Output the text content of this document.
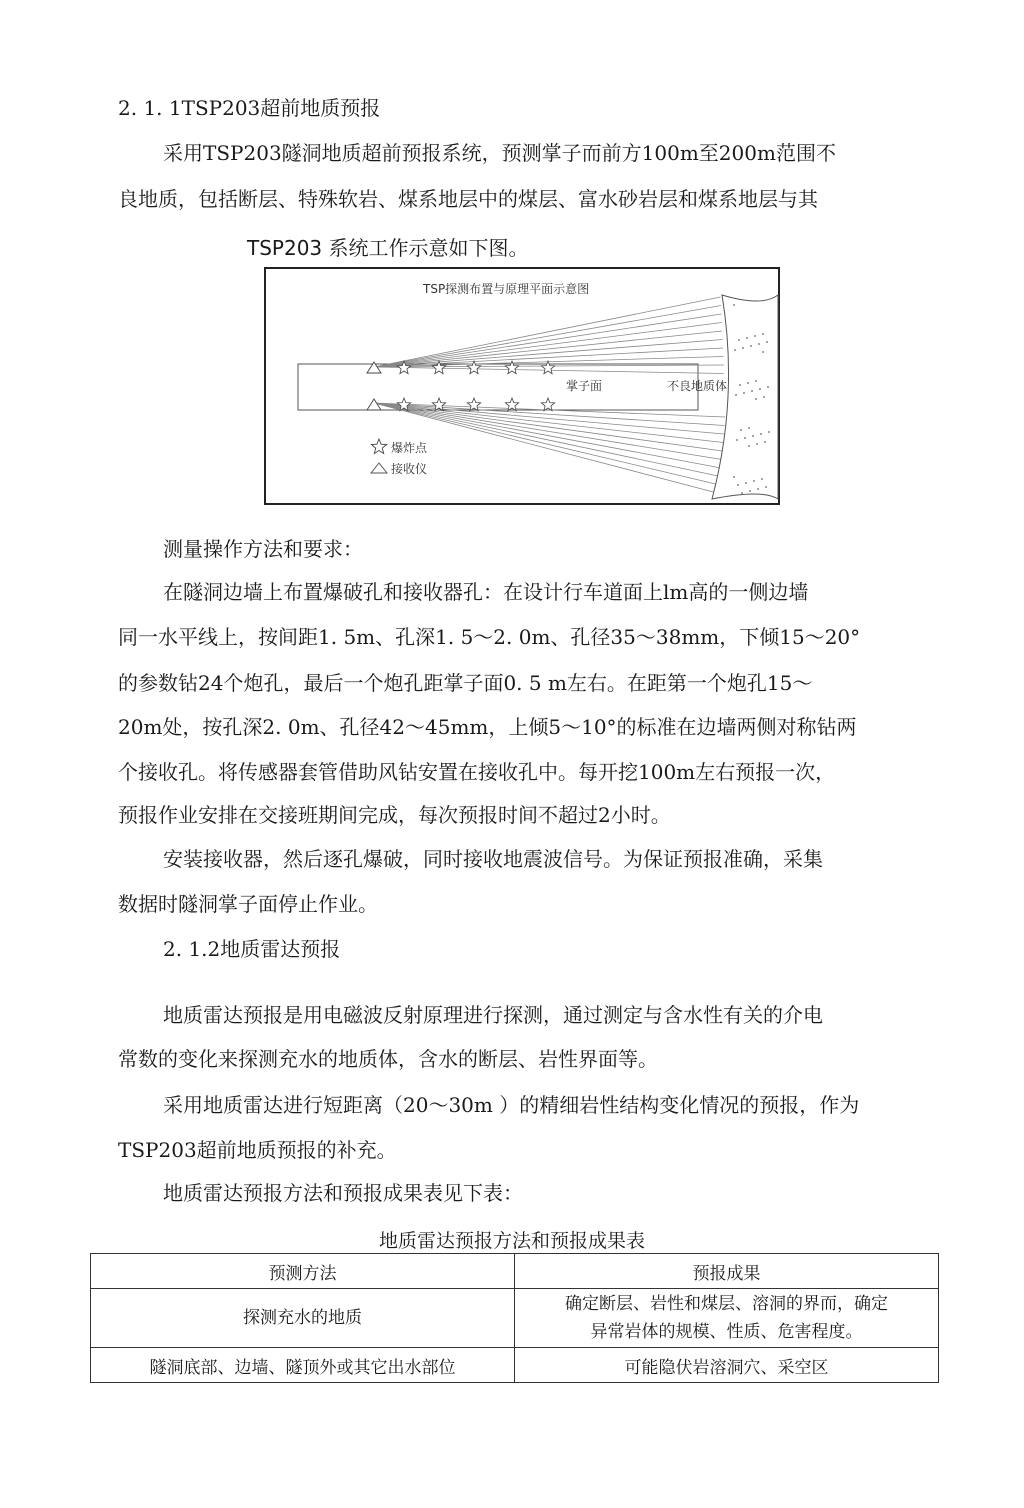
2. 1. 1TSP203超前地质预报
采用TSP203隧洞地质超前预报系统，预测掌子而前方100m至200m范围不
良地质，包括断层、特殊软岩、煤系地层中的煤层、富水砂岩层和煤系地层与其
TSP203 系统工作示意如下图。
TSP探测布置与原理平面示意图
掌子面	不良地质体
爆炸点
接收仪
测量操作方法和要求：
在隧洞边墙上布置爆破孔和接收器孔：在设计行车道面上lm高的一侧边墙
同一水平线上，按间距1. 5m、孔深1. 5～2. 0m、孔径35～38mm，下倾15～20°
的参数钻24个炮孔，最后一个炮孔距掌子面0. 5 m左右。在距第一个炮孔15～
20m处，按孔深2. 0m、孔径42～45mm，上倾5～10°的标准在边墙两侧对称钻两
个接收孔。将传感器套管借助风钻安置在接收孔中。每开挖100m左右预报一次，
预报作业安排在交接班期间完成，每次预报时间不超过2小时。
安装接收器，然后逐孔爆破，同时接收地震波信号。为保证预报准确，采集
数据时隧洞掌子面停止作业。
2. 1.2地质雷达预报
地质雷达预报是用电磁波反射原理进行探测，通过测定与含水性有关的介电
常数的变化来探测充水的地质体，含水的断层、岩性界面等。
采用地质雷达进行短距离（20～30m ）的精细岩性结构变化情况的预报，作为
TSP203超前地质预报的补充。
地质雷达预报方法和预报成果表见下表：
地质雷达预报方法和预报成果表
预测方法	预报成果
探测充水的地质	确定断层、岩性和煤层、溶洞的界而，确定
异常岩体的规模、性质、危害程度。

隧洞底部、边墙、隧顶外或其它出水部位	可能隐伏岩溶洞穴、采空区
